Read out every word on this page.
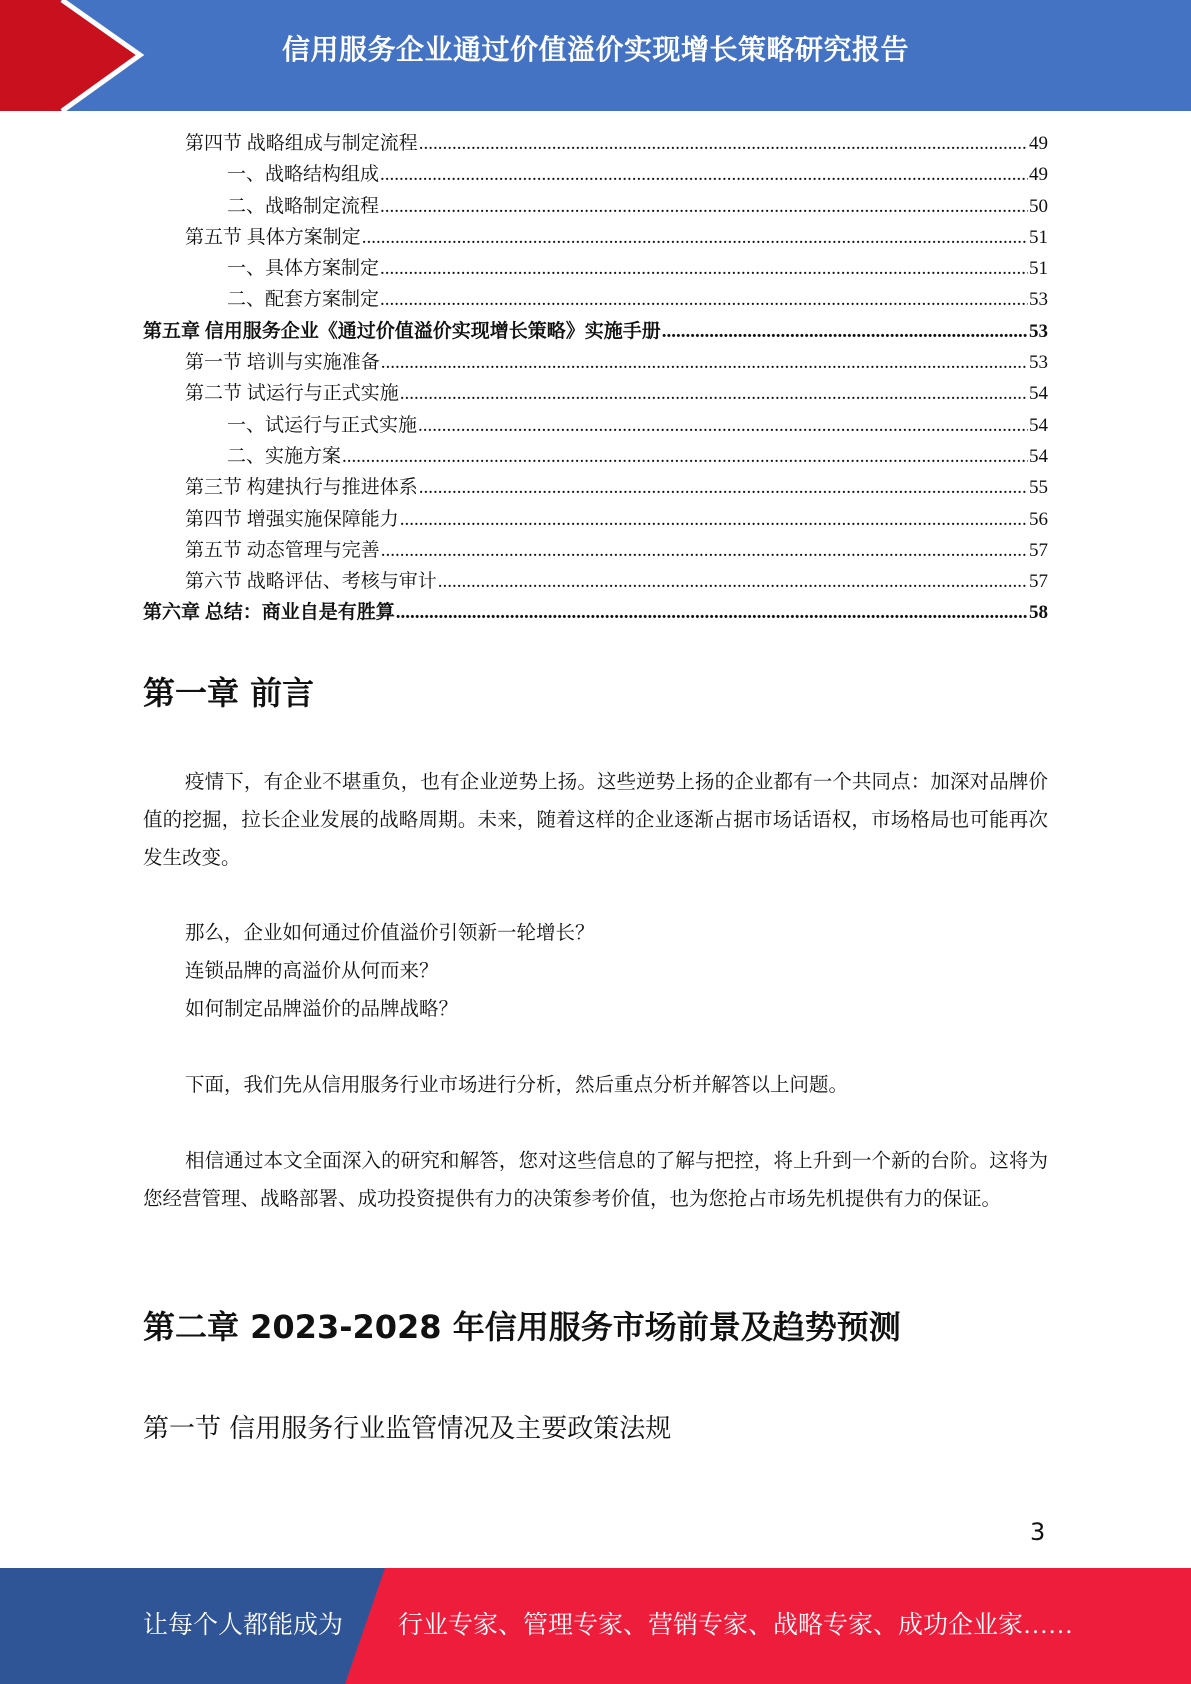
信用服务企业通过价值溢价实现增长策略研究报告
第四节 战略组成与制定流程 .....	49
一、战略结构组成 .....	49
二、战略制定流程 .....	50
第五节 具体方案制定 .....	51
一、具体方案制定 .....	51
二、配套方案制定 .....	53
第五章 信用服务企业《通过价值溢价实现增长策略》实施手册 .....	53
第一节 培训与实施准备 .....	53
第二节 试运行与正式实施 .....	54
一、试运行与正式实施 .....	54
二、实施方案 .....	54
第三节 构建执行与推进体系 .....	55
第四节 增强实施保障能力 .....	56
第五节 动态管理与完善 .....	57
第六节 战略评估、考核与审计 .....	57
第六章 总结：商业自是有胜算 .....	58
第一章 前言

疫情下，有企业不堪重负，也有企业逆势上扬。这些逆势上扬的企业都有一个共同点：加深对品牌价值的挖掘，拉长企业发展的战略周期。未来，随着这样的企业逐渐占据市场话语权，市场格局也可能再次发生改变。

那么，企业如何通过价值溢价引领新一轮增长？

连锁品牌的高溢价从何而来？

如何制定品牌溢价的品牌战略？

下面，我们先从信用服务行业市场进行分析，然后重点分析并解答以上问题。

相信通过本文全面深入的研究和解答，您对这些信息的了解与把控，将上升到一个新的台阶。这将为您经营管理、战略部署、成功投资提供有力的决策参考价值，也为您抢占市场先机提供有力的保证。

第二章 2023-2028 年信用服务市场前景及趋势预测
第一节 信用服务行业监管情况及主要政策法规
3
让每个人都能成为 行业专家、管理专家、营销专家、战略专家、成功企业家……
